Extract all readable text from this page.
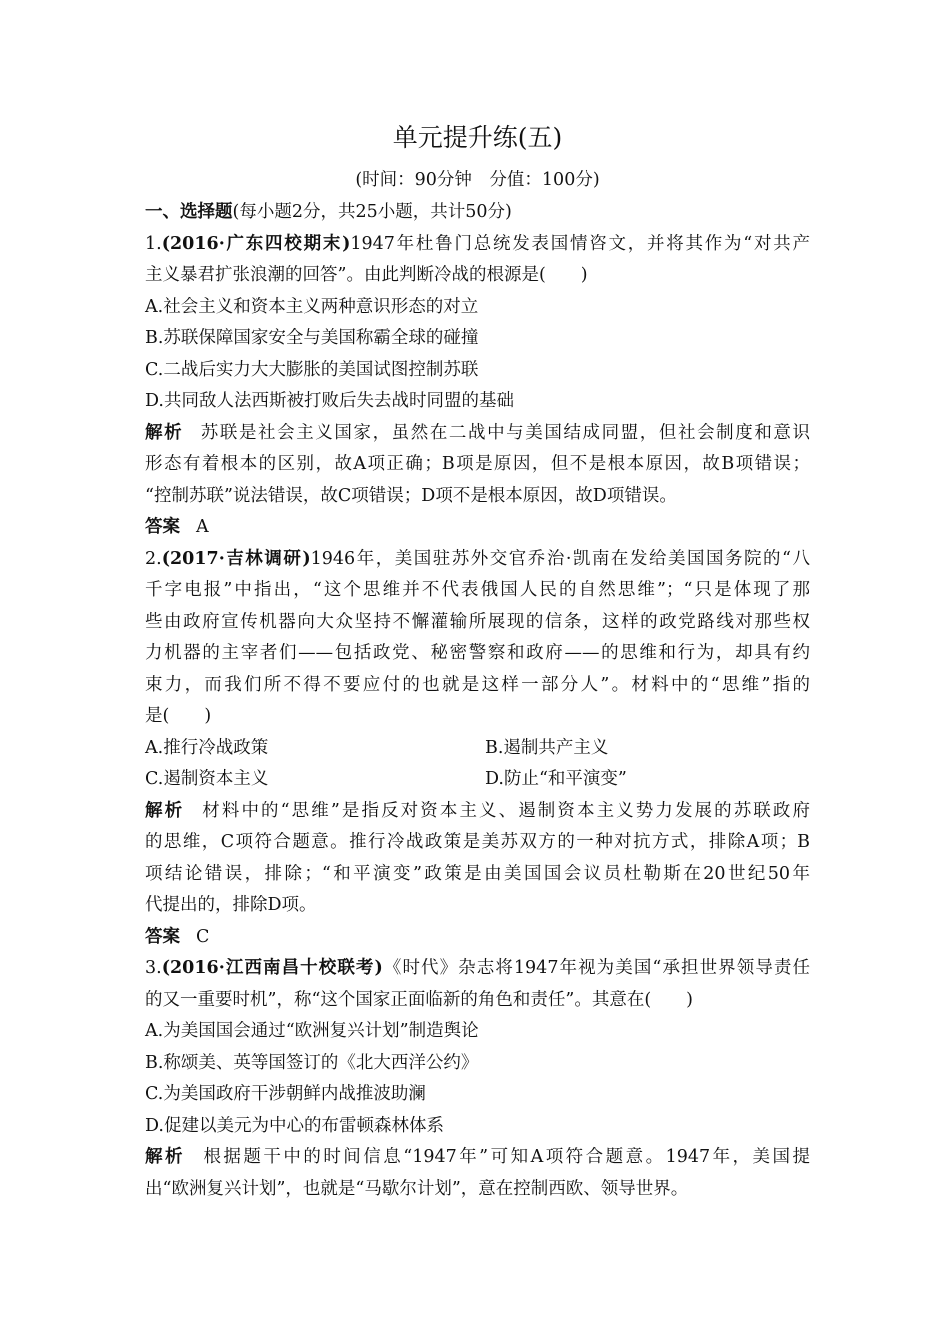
单元提升练(五)
(时间：90分钟　分值：100分)
一、选择题(每小题2分，共25小题，共计50分)
1.(2016·广东四校期末)1947年杜鲁门总统发表国情咨文，并将其作为“对共产
主义暴君扩张浪潮的回答”。由此判断冷战的根源是(　　)
A.社会主义和资本主义两种意识形态的对立
B.苏联保障国家安全与美国称霸全球的碰撞
C.二战后实力大大膨胀的美国试图控制苏联
D.共同敌人法西斯被打败后失去战时同盟的基础
解析 苏联是社会主义国家，虽然在二战中与美国结成同盟，但社会制度和意识
形态有着根本的区别，故A项正确；B项是原因，但不是根本原因，故B项错误；
“控制苏联”说法错误，故C项错误；D项不是根本原因，故D项错误。
答案 A
2.(2017·吉林调研)1946年，美国驻苏外交官乔治·凯南在发给美国国务院的“八
千字电报”中指出，“这个思维并不代表俄国人民的自然思维”；“只是体现了那
些由政府宣传机器向大众坚持不懈灌输所展现的信条，这样的政党路线对那些权
力机器的主宰者们——包括政党、秘密警察和政府——的思维和行为，却具有约
束力，而我们所不得不要应付的也就是这样一部分人”。材料中的“思维”指的
是(　　)
A.推行冷战政策	B.遏制共产主义
C.遏制资本主义	D.防止“和平演变”
解析 材料中的“思维”是指反对资本主义、遏制资本主义势力发展的苏联政府
的思维，C项符合题意。推行冷战政策是美苏双方的一种对抗方式，排除A项；B
项结论错误，排除；“和平演变”政策是由美国国会议员杜勒斯在20世纪50年
代提出的，排除D项。
答案 C
3.(2016·江西南昌十校联考)《时代》杂志将1947年视为美国“承担世界领导责任
的又一重要时机”，称“这个国家正面临新的角色和责任”。其意在(　　)
A.为美国国会通过“欧洲复兴计划”制造舆论
B.称颂美、英等国签订的《北大西洋公约》
C.为美国政府干涉朝鲜内战推波助澜
D.促建以美元为中心的布雷顿森林体系
解析 根据题干中的时间信息“1947年”可知A项符合题意。1947年，美国提
出“欧洲复兴计划”，也就是“马歇尔计划”，意在控制西欧、领导世界。
